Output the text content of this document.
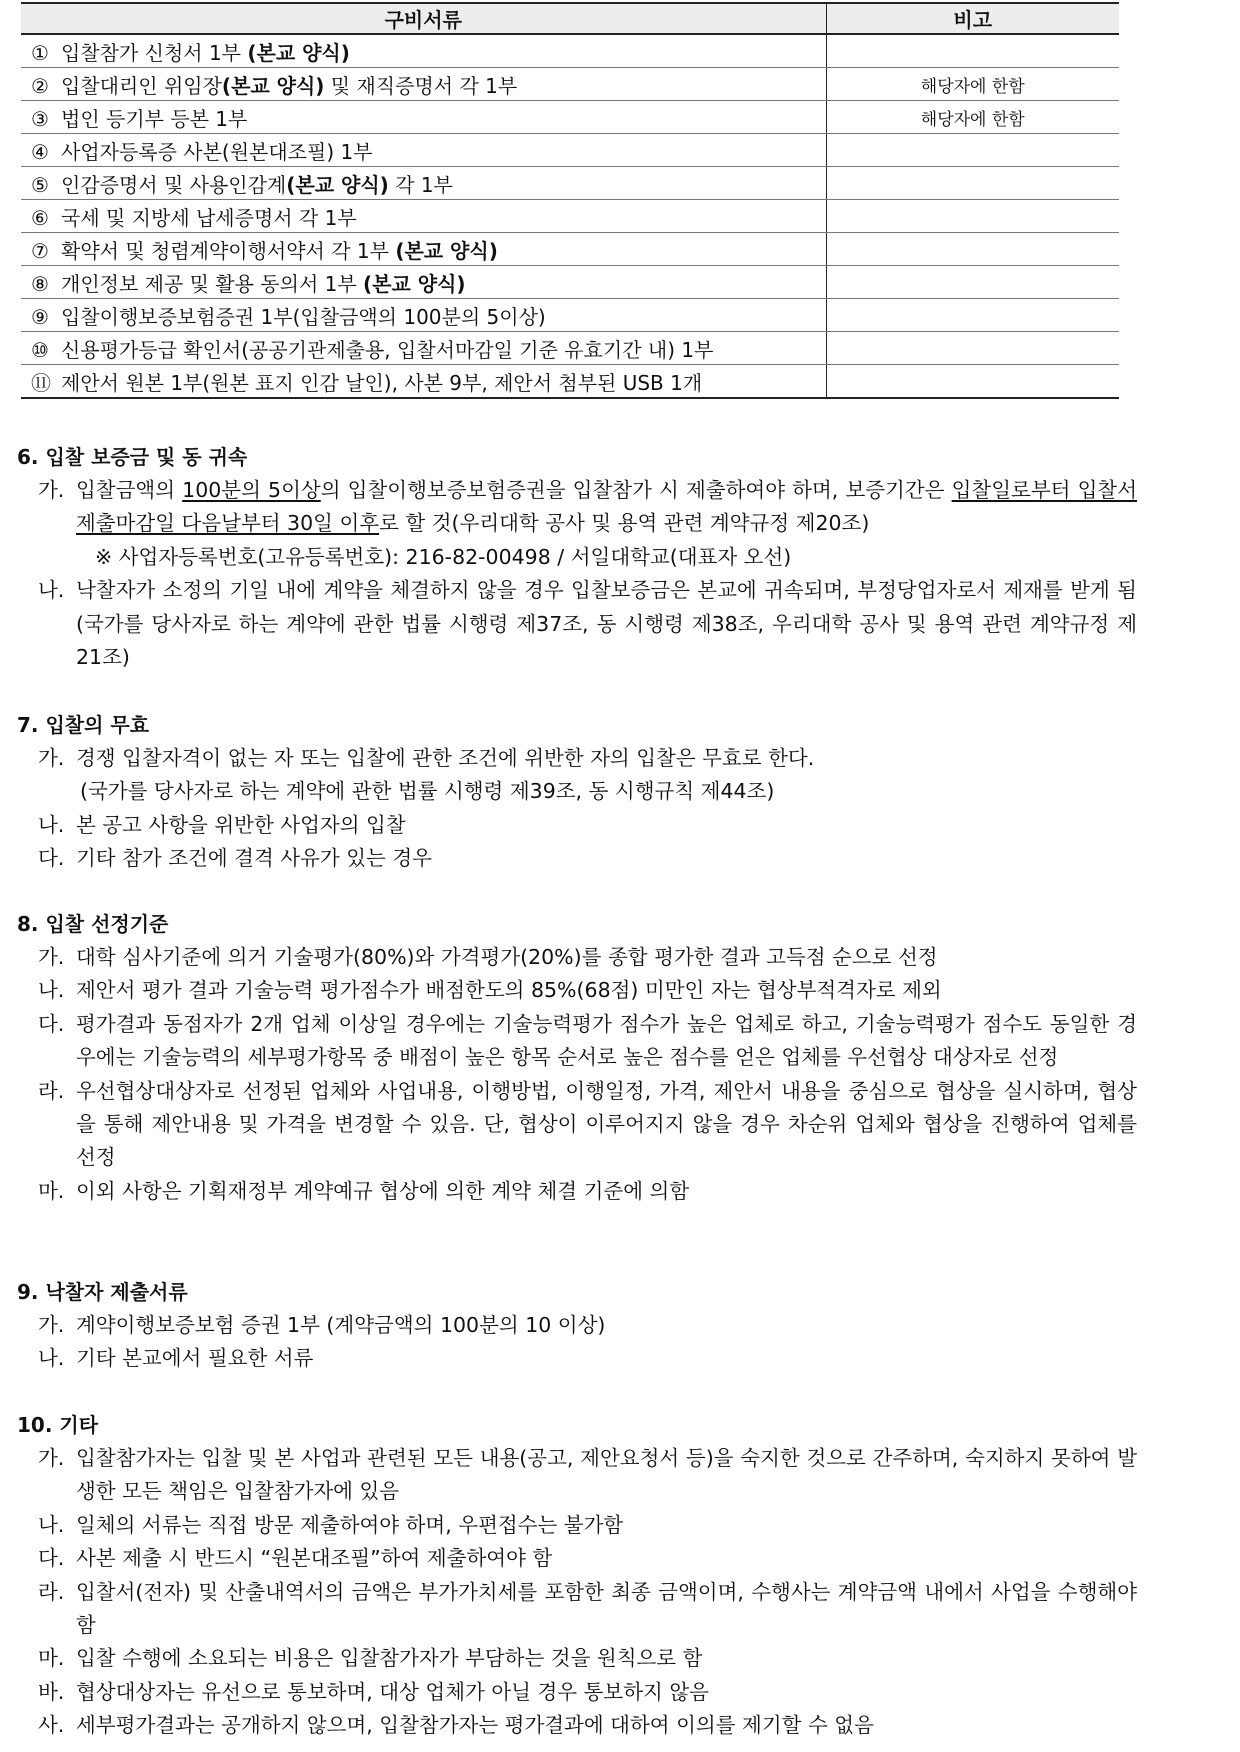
구비서류	비고
① 입찰참가 신청서 1부 (본교 양식)	
② 입찰대리인 위임장(본교 양식) 및 재직증명서 각 1부	해당자에 한함
③ 법인 등기부 등본 1부	해당자에 한함
④ 사업자등록증 사본(원본대조필) 1부	
⑤ 인감증명서 및 사용인감계(본교 양식) 각 1부	
⑥ 국세 및 지방세 납세증명서 각 1부	
⑦ 확약서 및 청렴계약이행서약서 각 1부 (본교 양식)	
⑧ 개인정보 제공 및 활용 동의서 1부 (본교 양식)	
⑨ 입찰이행보증보험증권 1부(입찰금액의 100분의 5이상)	
⑩ 신용평가등급 확인서(공공기관제출용, 입찰서마감일 기준 유효기간 내) 1부	
⑪ 제안서 원본 1부(원본 표지 인감 날인), 사본 9부, 제안서 첨부된 USB 1개	
6. 입찰 보증금 및 동 귀속
가. 입찰금액의 100분의 5이상의 입찰이행보증보험증권을 입찰참가 시 제출하여야 하며, 보증기간은 입찰일로부터 입찰서 제출마감일 다음날부터 30일 이후로 할 것(우리대학 공사 및 용역 관련 계약규정 제20조)
※ 사업자등록번호(고유등록번호): 216-82-00498 / 서일대학교(대표자 오선)
나. 낙찰자가 소정의 기일 내에 계약을 체결하지 않을 경우 입찰보증금은 본교에 귀속되며, 부정당업자로서 제재를 받게 됨 (국가를 당사자로 하는 계약에 관한 법률 시행령 제37조, 동 시행령 제38조, 우리대학 공사 및 용역 관련 계약규정 제21조)
7. 입찰의 무효
가. 경쟁 입찰자격이 없는 자 또는 입찰에 관한 조건에 위반한 자의 입찰은 무효로 한다.
(국가를 당사자로 하는 계약에 관한 법률 시행령 제39조, 동 시행규칙 제44조)
나. 본 공고 사항을 위반한 사업자의 입찰
다. 기타 참가 조건에 결격 사유가 있는 경우
8. 입찰 선정기준
가. 대학 심사기준에 의거 기술평가(80%)와 가격평가(20%)를 종합 평가한 결과 고득점 순으로 선정
나. 제안서 평가 결과 기술능력 평가점수가 배점한도의 85%(68점) 미만인 자는 협상부적격자로 제외
다. 평가결과 동점자가 2개 업체 이상일 경우에는 기술능력평가 점수가 높은 업체로 하고, 기술능력평가 점수도 동일한 경우에는 기술능력의 세부평가항목 중 배점이 높은 항목 순서로 높은 점수를 얻은 업체를 우선협상 대상자로 선정
라. 우선협상대상자로 선정된 업체와 사업내용, 이행방법, 이행일정, 가격, 제안서 내용을 중심으로 협상을 실시하며, 협상을 통해 제안내용 및 가격을 변경할 수 있음. 단, 협상이 이루어지지 않을 경우 차순위 업체와 협상을 진행하여 업체를 선정
마. 이외 사항은 기획재정부 계약예규 협상에 의한 계약 체결 기준에 의함
9. 낙찰자 제출서류
가. 계약이행보증보험 증권 1부 (계약금액의 100분의 10 이상)
나. 기타 본교에서 필요한 서류
10. 기타
가. 입찰참가자는 입찰 및 본 사업과 관련된 모든 내용(공고, 제안요청서 등)을 숙지한 것으로 간주하며, 숙지하지 못하여 발생한 모든 책임은 입찰참가자에 있음
나. 일체의 서류는 직접 방문 제출하여야 하며, 우편접수는 불가함
다. 사본 제출 시 반드시 “원본대조필”하여 제출하여야 함
라. 입찰서(전자) 및 산출내역서의 금액은 부가가치세를 포함한 최종 금액이며, 수행사는 계약금액 내에서 사업을 수행해야 함
마. 입찰 수행에 소요되는 비용은 입찰참가자가 부담하는 것을 원칙으로 함
바. 협상대상자는 유선으로 통보하며, 대상 업체가 아닐 경우 통보하지 않음
사. 세부평가결과는 공개하지 않으며, 입찰참가자는 평가결과에 대하여 이의를 제기할 수 없음
